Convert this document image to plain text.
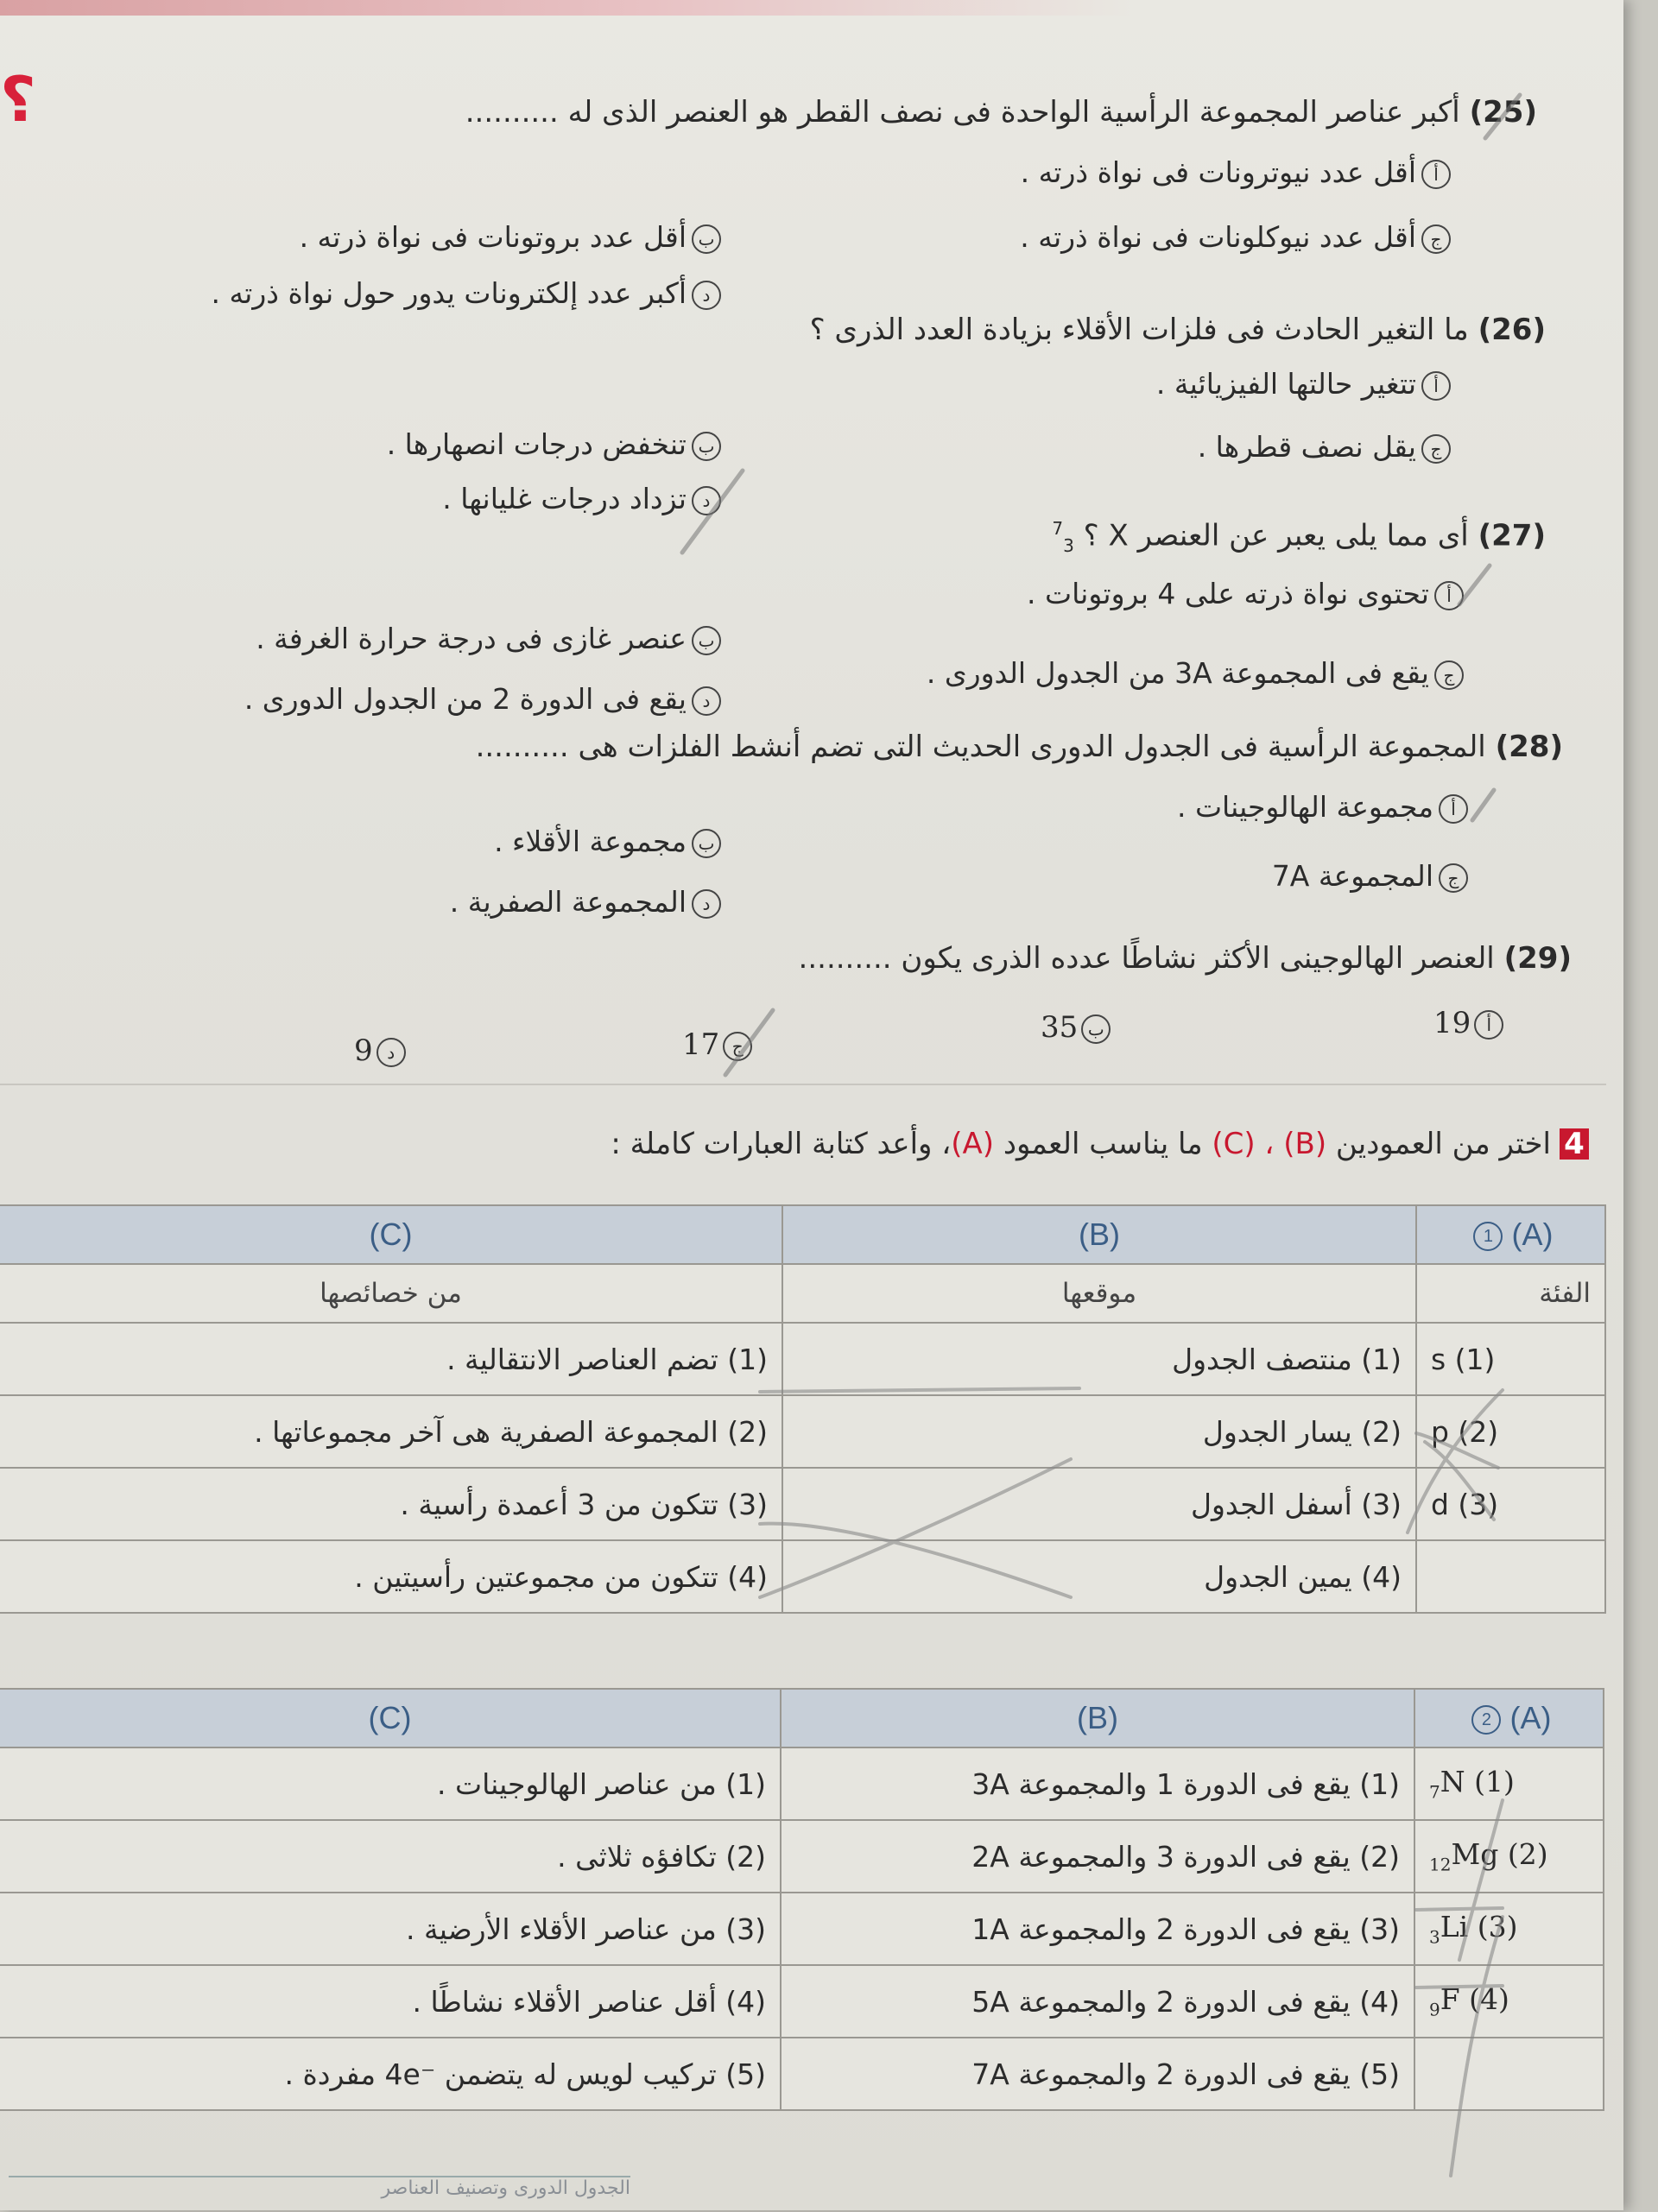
؟	(25) أكبر عناصر المجموعة الرأسية الواحدة فى نصف القطر هو العنصر الذى له ..........
أأقل عدد نيوترونات فى نواة ذرته .
بأقل عدد بروتونات فى نواة ذرته .	جأقل عدد نيوكلونات فى نواة ذرته .
دأكبر عدد إلكترونات يدور حول نواة ذرته .
(26) ما التغير الحادث فى فلزات الأقلاء بزيادة العدد الذرى ؟
أتتغير حالتها الفيزيائية .
بتنخفض درجات انصهارها .	جيقل نصف قطرها .
دتزداد درجات غليانها .
(27) أى مما يلى يعبر عن العنصر X ؟ $^7_3$
أتحتوى نواة ذرته على 4 بروتونات .
بعنصر غازى فى درجة حرارة الغرفة .
جيقع فى المجموعة 3A من الجدول الدورى .
ديقع فى الدورة 2 من الجدول الدورى .
(28) المجموعة الرأسية فى الجدول الدورى الحديث التى تضم أنشط الفلزات هى ..........
أمجموعة الهالوجينات .
بمجموعة الأقلاء .
جالمجموعة 7A
دالمجموعة الصفرية .
(29) العنصر الهالوجينى الأكثر نشاطًا عدده الذرى يكون ..........
19 أ
35 ب
17 ج
9 د
4اختر من العمودين (B) ، (C) ما يناسب العمود (A)، وأعد كتابة العبارات كاملة :
(A) 1	(B)	(C)
الفئة	موقعها	من خصائصها
s (1)	(1) منتصف الجدول	(1) تضم العناصر الانتقالية .
p (2)	(2) يسار الجدول	(2) المجموعة الصفرية هى آخر مجموعاتها .
d (3)	(3) أسفل الجدول	(3) تتكون من 3 أعمدة رأسية .
	(4) يمين الجدول	(4) تتكون من مجموعتين رأسيتين .
(A) 2	(B)	(C)
$_7$N (1)	(1) يقع فى الدورة 1 والمجموعة 3A	(1) من عناصر الهالوجينات .
$_{12}$Mg (2)	(2) يقع فى الدورة 3 والمجموعة 2A	(2) تكافؤه ثلاثى .
$_3$Li (3)	(3) يقع فى الدورة 2 والمجموعة 1A	(3) من عناصر الأقلاء الأرضية .
$_9$F (4)	(4) يقع فى الدورة 2 والمجموعة 5A	(4) أقل عناصر الأقلاء نشاطًا .
	(5) يقع فى الدورة 2 والمجموعة 7A	(5) تركيب لويس له يتضمن ⁻4e مفردة .
الجدول الدورى وتصنيف العناصر
